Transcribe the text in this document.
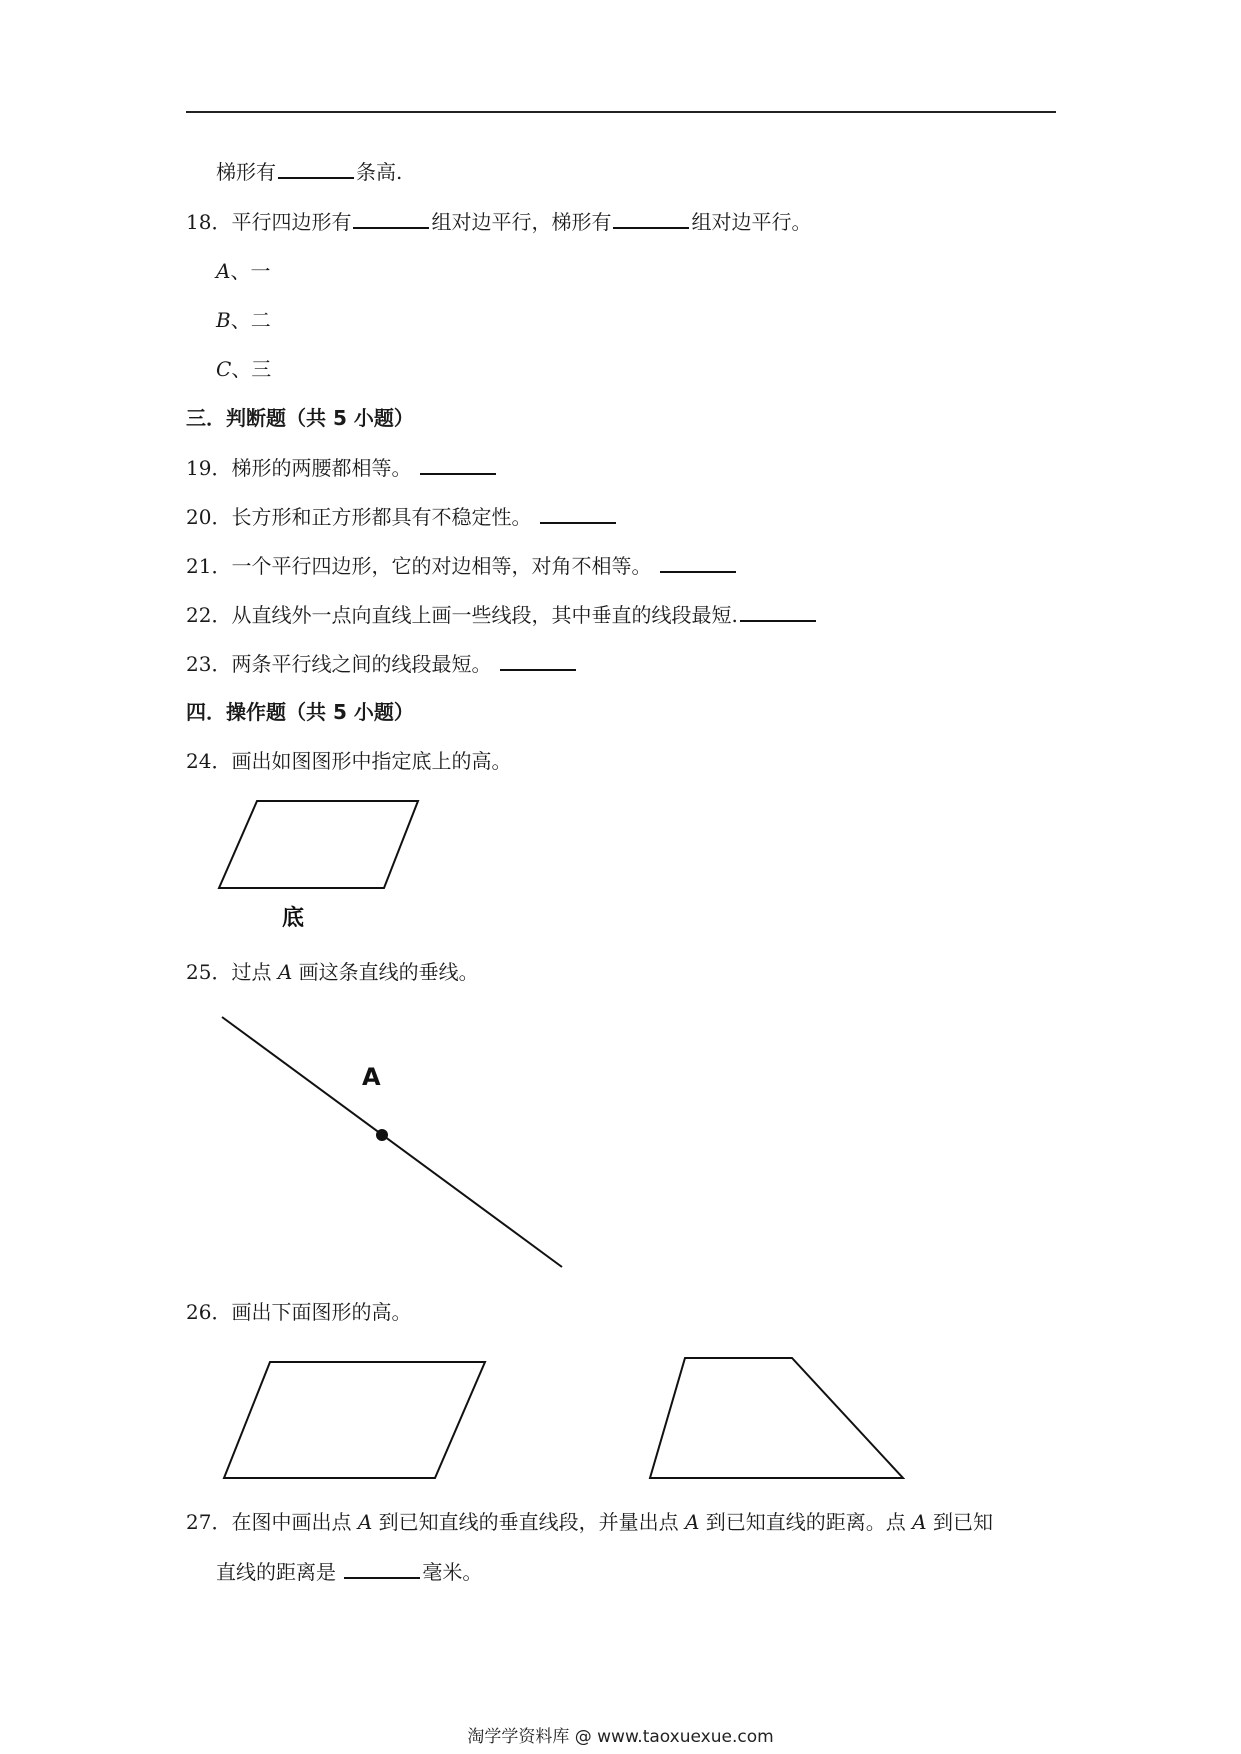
梯形有	条高.
18．平行四边形有	组对边平行，梯形有	组对边平行。
A、一
B、二
C、三
三．判断题（共 5 小题）
19．梯形的两腰都相等。
20．长方形和正方形都具有不稳定性。
21．一个平行四边形，它的对边相等，对角不相等。
22．从直线外一点向直线上画一些线段，其中垂直的线段最短.
23．两条平行线之间的线段最短。
四．操作题（共 5 小题）
24．画出如图图形中指定底上的高。
底
25．过点 A 画这条直线的垂线。
A
26．画出下面图形的高。
27．在图中画出点 A 到已知直线的垂直线段，并量出点 A 到已知直线的距离。点 A 到已知
直线的距离是	毫米。
淘学学资料库 @ www.taoxuexue.com
